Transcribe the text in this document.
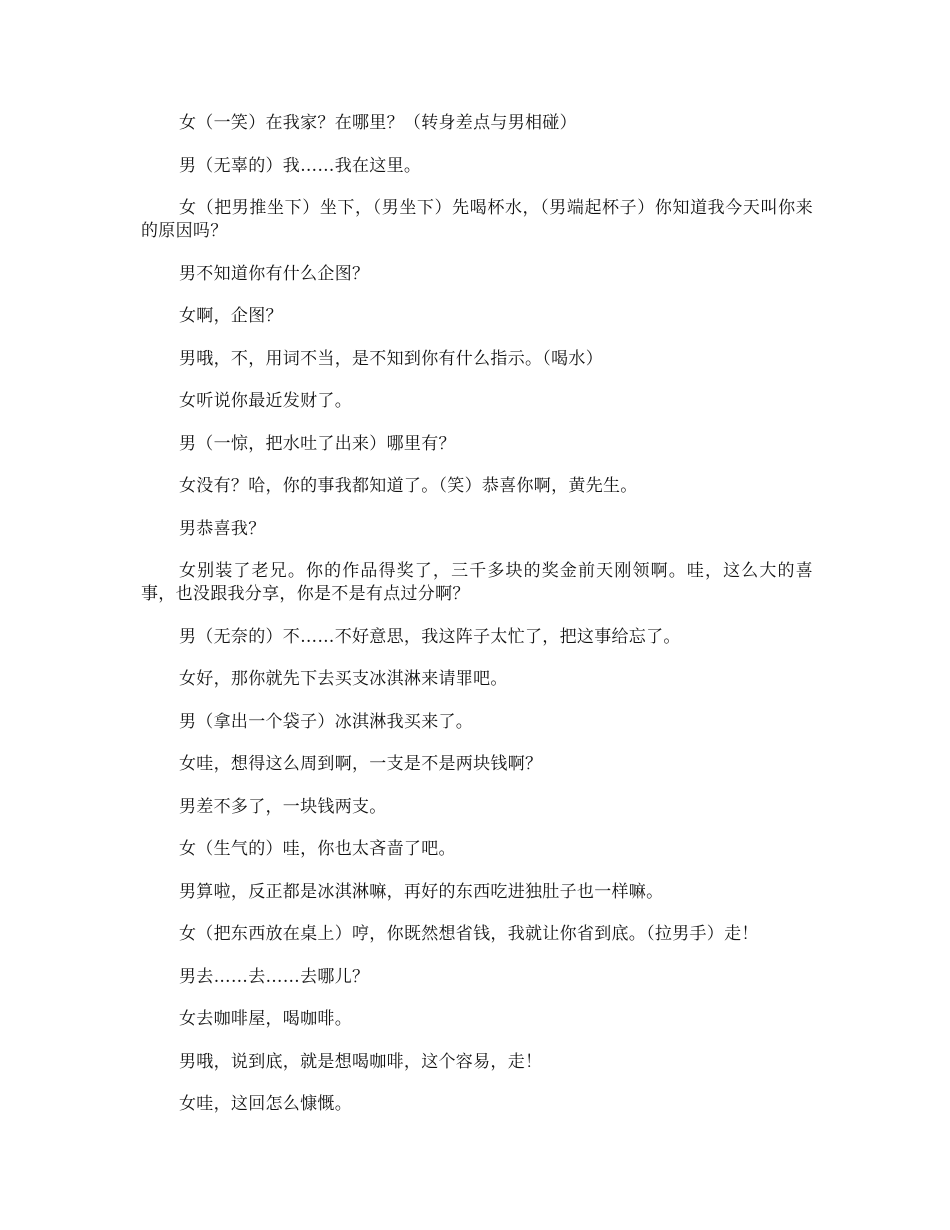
女（一笑）在我家？在哪里？（转身差点与男相碰）

男（无辜的）我……我在这里。

女（把男推坐下）坐下，（男坐下）先喝杯水，（男端起杯子）你知道我今天叫你来的原因吗？

男不知道你有什么企图？

女啊，企图？

男哦，不，用词不当，是不知到你有什么指示。（喝水）

女听说你最近发财了。

男（一惊，把水吐了出来）哪里有？

女没有？哈，你的事我都知道了。（笑）恭喜你啊，黄先生。

男恭喜我？

女别装了老兄。你的作品得奖了，三千多块的奖金前天刚领啊。哇，这么大的喜事，也没跟我分享，你是不是有点过分啊？

男（无奈的）不……不好意思，我这阵子太忙了，把这事给忘了。

女好，那你就先下去买支冰淇淋来请罪吧。

男（拿出一个袋子）冰淇淋我买来了。

女哇，想得这么周到啊，一支是不是两块钱啊？

男差不多了，一块钱两支。

女（生气的）哇，你也太吝啬了吧。

男算啦，反正都是冰淇淋嘛，再好的东西吃进独肚子也一样嘛。

女（把东西放在桌上）哼，你既然想省钱，我就让你省到底。（拉男手）走！

男去……去……去哪儿？

女去咖啡屋，喝咖啡。

男哦，说到底，就是想喝咖啡，这个容易，走！

女哇，这回怎么慷慨。
